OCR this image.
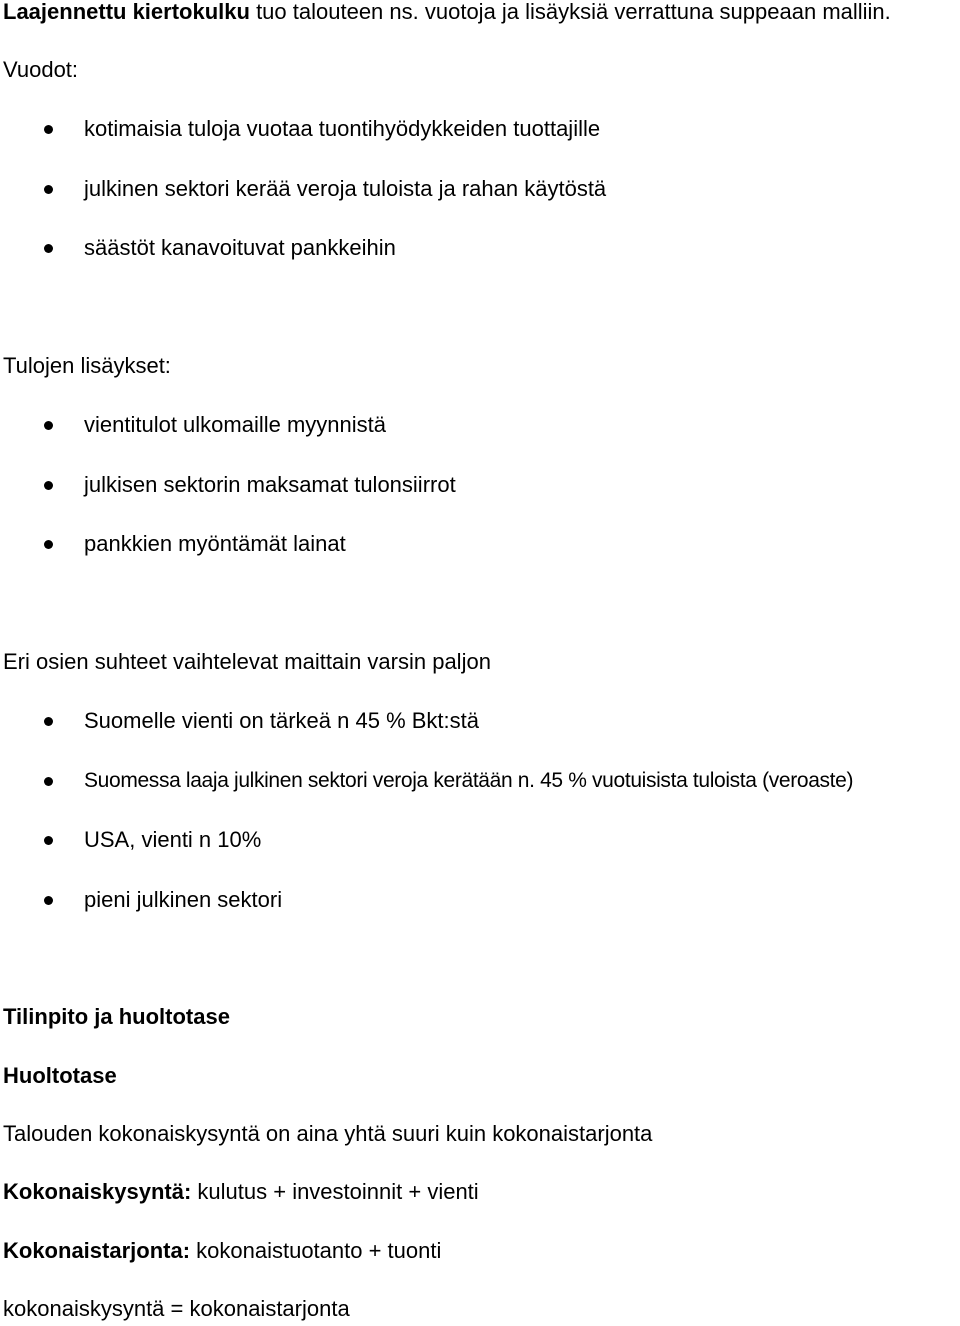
Laajennettu kiertokulku tuo talouteen ns. vuotoja ja lisäyksiä verrattuna suppeaan malliin.

Vuodot:

kotimaisia tuloja vuotaa tuontihyödykkeiden tuottajille
julkinen sektori kerää veroja tuloista ja rahan käytöstä
säästöt kanavoituvat pankkeihin

Tulojen lisäykset:

vientitulot ulkomaille myynnistä
julkisen sektorin maksamat tulonsiirrot
pankkien myöntämät lainat

Eri osien suhteet vaihtelevat maittain varsin paljon

Suomelle vienti on tärkeä n 45 % Bkt:stä
Suomessa laaja julkinen sektori veroja kerätään n. 45 % vuotuisista tuloista (veroaste)
USA, vienti n 10%
pieni julkinen sektori

Tilinpito ja huoltotase

Huoltotase

Talouden kokonaiskysyntä on aina yhtä suuri kuin kokonaistarjonta

Kokonaiskysyntä: kulutus + investoinnit + vienti

Kokonaistarjonta: kokonaistuotanto + tuonti

kokonaiskysyntä = kokonaistarjonta
